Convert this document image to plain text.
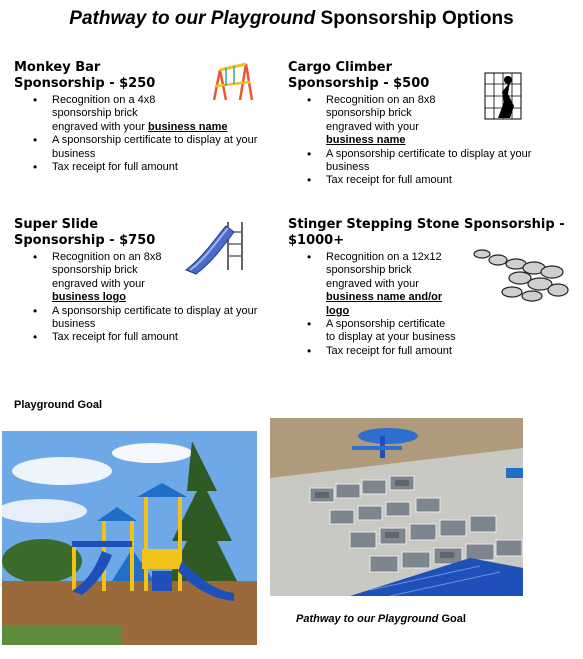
Pathway to our Playground Sponsorship Options
Monkey Bar
Sponsorship - $250
• Recognition on a 4x8
sponsorship brick
engraved with your business name
• A sponsorship certificate to display at your
business
• Tax receipt for full amount
Cargo Climber
Sponsorship - $500
• Recognition on an 8x8
sponsorship brick
engraved with your
business name
• A sponsorship certificate to display at your
business
• Tax receipt for full amount
Super Slide
Sponsorship - $750
• Recognition on an 8x8
sponsorship brick
engraved with your
business logo
• A sponsorship certificate to display at your
business
• Tax receipt for full amount
Stinger Stepping Stone Sponsorship - $1000+
• Recognition on a 12x12
sponsorship brick
engraved with your
business name and/or
logo
• A sponsorship certificate
to display at your business
• Tax receipt for full amount
Playground Goal
Pathway to our Playground Goal
